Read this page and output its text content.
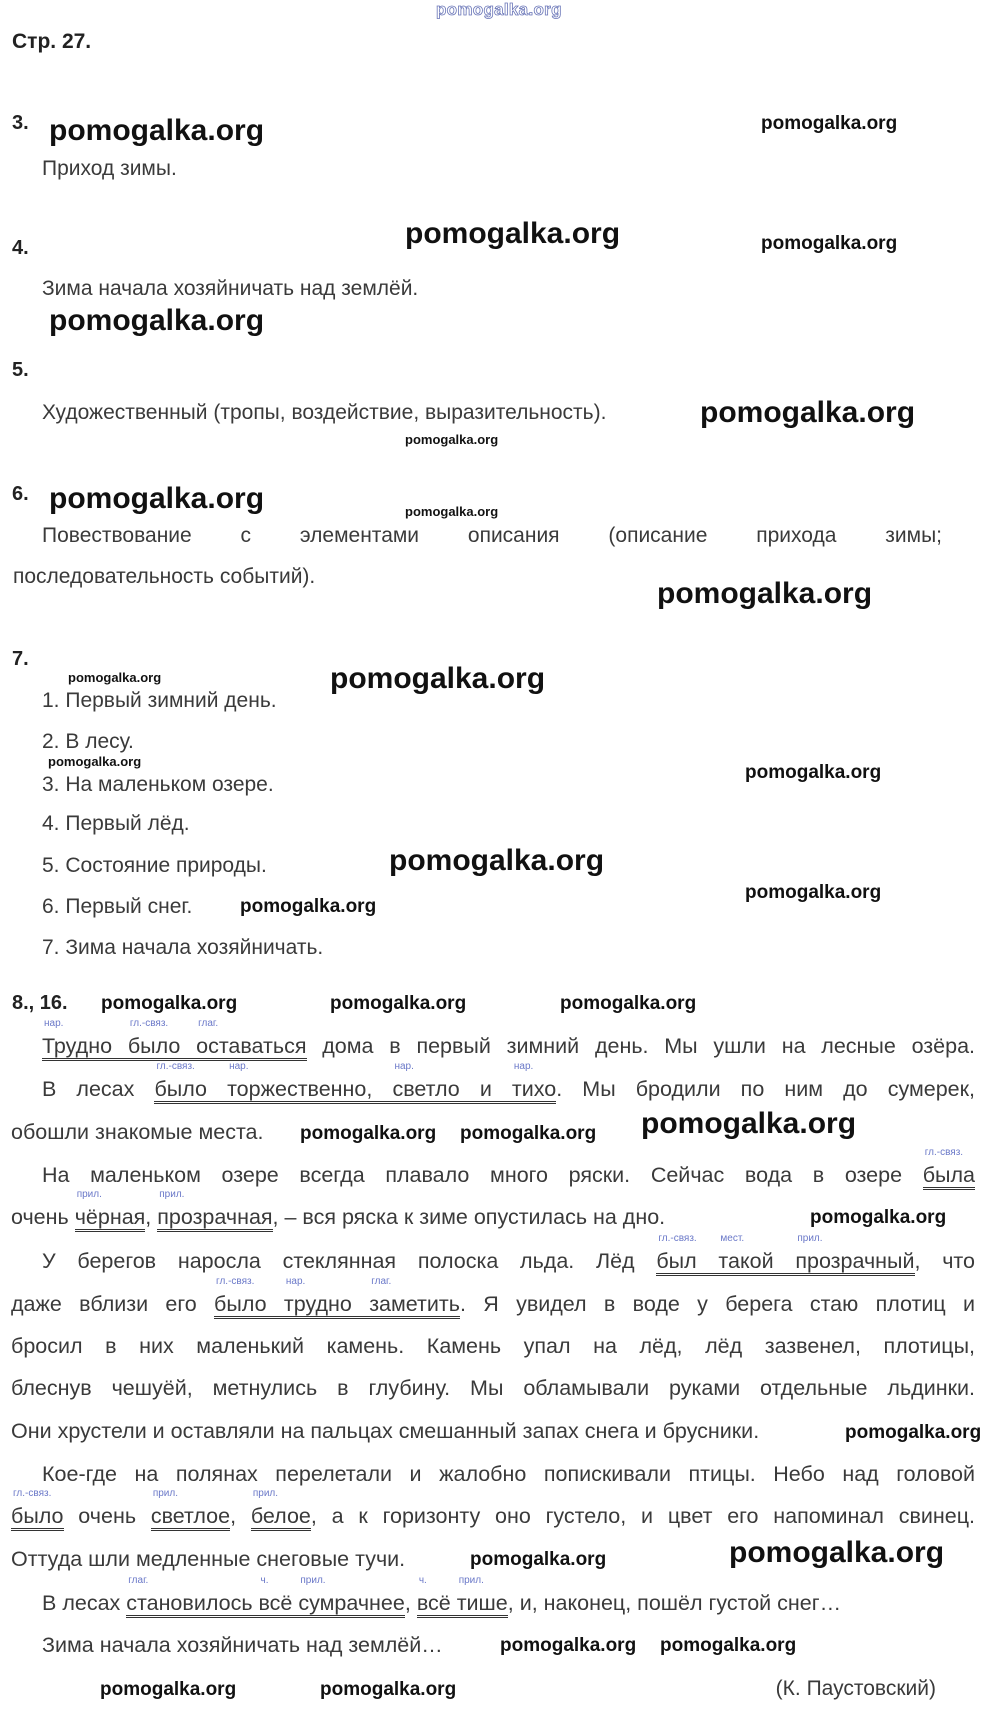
pomogalka.org
Стр. 27.
3.
Приход зимы.
4.
Зима начала хозяйничать над землёй.
5.
Художественный (тропы, воздействие, выразительность).
6.
Повествование с элементами описания (описание прихода зимы;
последовательность событий).
7.
1. Первый зимний день.
2. В лесу.
3. На маленьком озере.
4. Первый лёд.
5. Состояние природы.
6. Первый снег.
7. Зима начала хозяйничать.
8., 16.
Трудно
нар.
было
гл.-связ.
оставаться
глаг.
дома в первый зимний день. Мы ушли на лесные озёра.
В лесах было
гл.-связ.
торжественно,
нар.
светло и
нар.
тихо
нар.
. Мы бродили по ним до сумерек,
обошли знакомые места.
На маленьком озере всегда плавало много ряски. Сейчас вода в озере была
гл.-связ.
очень чёрная
прил.
, прозрачная
прил.
, – вся ряска к зиме опустилась на дно.
У берегов наросла стеклянная полоска льда. Лёд был
гл.-связ.
такой
мест.
прозрачный
прил.
, что
даже вблизи его было
гл.-связ.
трудно
нар.
заметить
глаг.
. Я увидел в воде у берега стаю плотиц и
бросил в них маленький камень. Камень упал на лёд, лёд зазвенел, плотицы,
блеснув чешуёй, метнулись в глубину. Мы обламывали руками отдельные льдинки.
Они хрустели и оставляли на пальцах смешанный запах снега и брусники.
Кое-где на полянах перелетали и жалобно попискивали птицы. Небо над головой
было
гл.-связ.
очень светлое
прил.
, белое
прил.
, а к горизонту оно густело, и цвет его напоминал свинец.
Оттуда шли медленные снеговые тучи.
В лесах становилось
глаг.
всё
ч.
сумрачнее
прил.
, всё
ч.
тише
прил.
, и, наконец, пошёл густой снег…
Зима начала хозяйничать над землёй…
(К. Паустовский)
pomogalka.org
pomogalka.org
pomogalka.org
pomogalka.org
pomogalka.org
pomogalka.org
pomogalka.org
pomogalka.org
pomogalka.org
pomogalka.org
pomogalka.org
pomogalka.org
pomogalka.org
pomogalka.org
pomogalka.org
pomogalka.org	pomogalka.org	pomogalka.org
pomogalka.org pomogalka.org
pomogalka.org
pomogalka.org
pomogalka.org
pomogalka.org pomogalka.org
pomogalka.org	pomogalka.org
pomogalka.org
pomogalka.org
pomogalka.org
pomogalka.org
